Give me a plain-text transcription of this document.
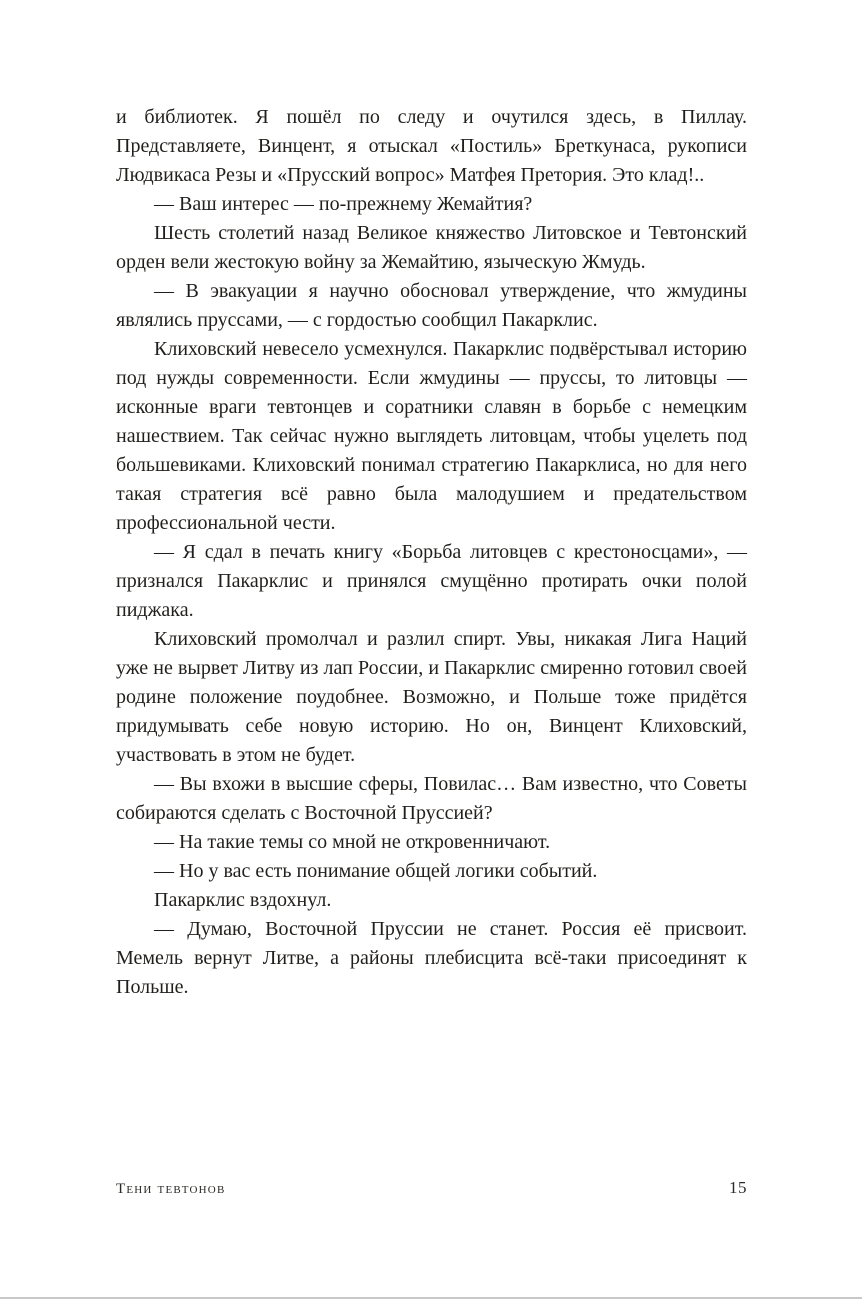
и библиотек. Я пошёл по следу и очутился здесь, в Пиллау. Представляете, Винцент, я отыскал «Постиль» Бреткунаса, рукописи Людвикаса Резы и «Прусский вопрос» Матфея Претория. Это клад!..

— Ваш интерес — по-прежнему Жемайтия?

Шесть столетий назад Великое княжество Литовское и Тевтонский орден вели жестокую войну за Жемайтию, языческую Жмудь.

— В эвакуации я научно обосновал утверждение, что жмудины являлись пруссами, — с гордостью сообщил Пакарклис.

Клиховский невесело усмехнулся. Пакарклис подвёрстывал историю под нужды современности. Если жмудины — пруссы, то литовцы — исконные враги тевтонцев и соратники славян в борьбе с немецким нашествием. Так сейчас нужно выглядеть литовцам, чтобы уцелеть под большевиками. Клиховский понимал стратегию Пакарклиса, но для него такая стратегия всё равно была малодушием и предательством профессиональной чести.

— Я сдал в печать книгу «Борьба литовцев с крестоносцами», — признался Пакарклис и принялся смущённо протирать очки полой пиджака.

Клиховский промолчал и разлил спирт. Увы, никакая Лига Наций уже не вырвет Литву из лап России, и Пакарклис смиренно готовил своей родине положение поудобнее. Возможно, и Польше тоже придётся придумывать себе новую историю. Но он, Винцент Клиховский, участвовать в этом не будет.

— Вы вхожи в высшие сферы, Повилас… Вам известно, что Советы собираются сделать с Восточной Пруссией?

— На такие темы со мной не откровенничают.

— Но у вас есть понимание общей логики событий.

Пакарклис вздохнул.

— Думаю, Восточной Пруссии не станет. Россия её присвоит. Мемель вернут Литве, а районы плебисцита всё-таки присоединят к Польше.

Тени тевтонов	15
